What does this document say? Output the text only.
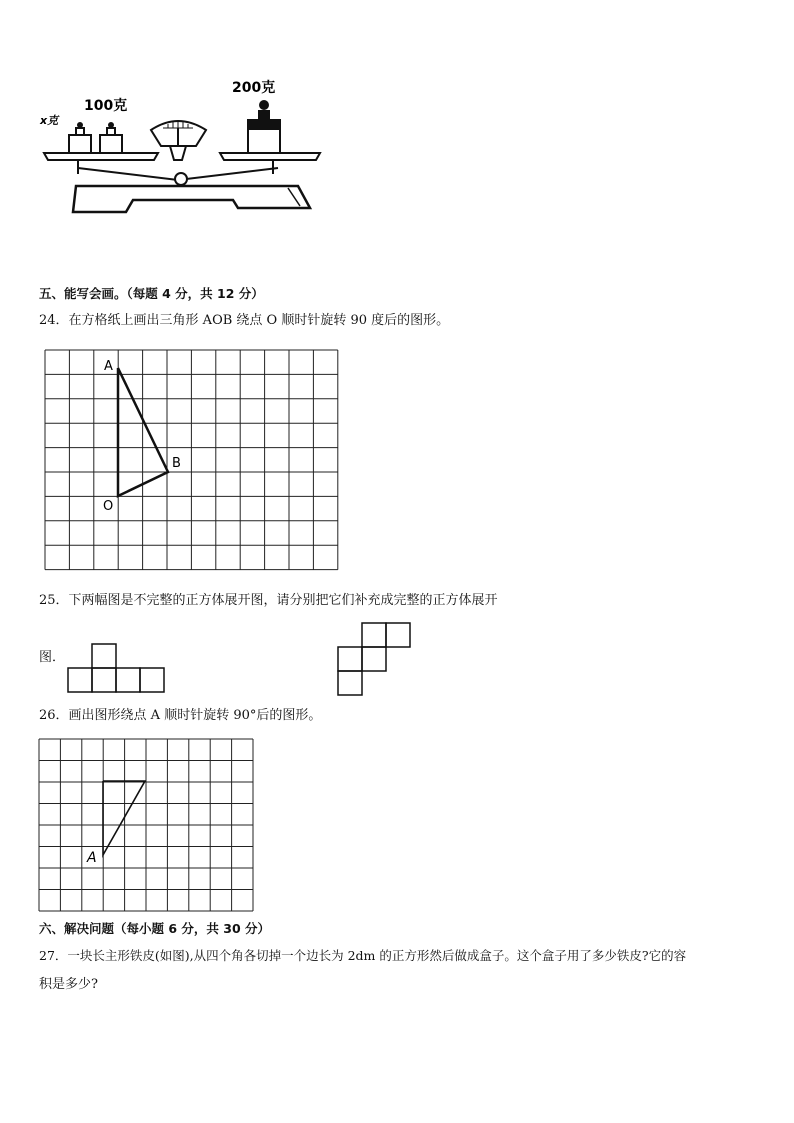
x克
100克
200克
五、能写会画。（每题 4 分，共 12 分）
24．在方格纸上画出三角形 AOB 绕点 O 顺时针旋转 90 度后的图形。
A
B
O
25．下两幅图是不完整的正方体展开图，请分别把它们补充成完整的正方体展开
图．
26．画出图形绕点 A 顺时针旋转 90°后的图形。
A
六、解决问题（每小题 6 分，共 30 分）
27．一块长主形铁皮(如图),从四个角各切掉一个边长为 2dm 的正方形然后做成盒子。这个盒子用了多少铁皮?它的容
积是多少?
